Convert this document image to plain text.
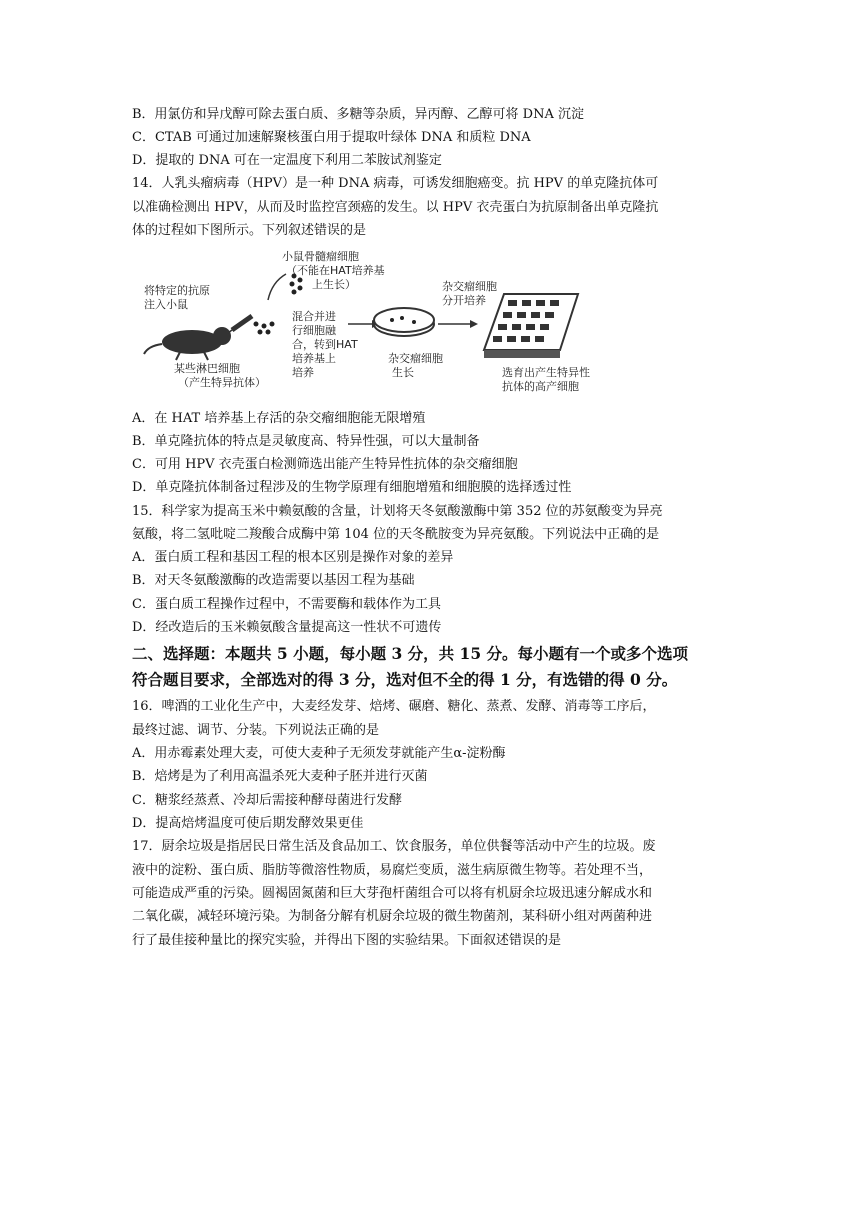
B．用氯仿和异戊醇可除去蛋白质、多糖等杂质，异丙醇、乙醇可将 DNA 沉淀
C．CTAB 可通过加速解聚核蛋白用于提取叶绿体 DNA 和质粒 DNA
D．提取的 DNA 可在一定温度下利用二苯胺试剂鉴定
14．人乳头瘤病毒（HPV）是一种 DNA 病毒，可诱发细胞癌变。抗 HPV 的单克隆抗体可
以准确检测出 HPV，从而及时监控宫颈癌的发生。以 HPV 衣壳蛋白为抗原制备出单克隆抗
体的过程如下图所示。下列叙述错误的是
小鼠骨髓瘤细胞
（不能在HAT培养基
上生长）
将特定的抗原
注入小鼠
混合并进
行细胞融
合，转到HAT
培养基上
培养
某些淋巴细胞
（产生特异抗体）
杂交瘤细胞
生长
杂交瘤细胞
分开培养
选育出产生特异性
抗体的高产细胞
A．在 HAT 培养基上存活的杂交瘤细胞能无限增殖
B．单克隆抗体的特点是灵敏度高、特异性强，可以大量制备
C．可用 HPV 衣壳蛋白检测筛选出能产生特异性抗体的杂交瘤细胞
D．单克隆抗体制备过程涉及的生物学原理有细胞增殖和细胞膜的选择透过性
15．科学家为提高玉米中赖氨酸的含量，计划将天冬氨酸激酶中第 352 位的苏氨酸变为异亮
氨酸，将二氢吡啶二羧酸合成酶中第 104 位的天冬酰胺变为异亮氨酸。下列说法中正确的是
A．蛋白质工程和基因工程的根本区别是操作对象的差异
B．对天冬氨酸激酶的改造需要以基因工程为基础
C．蛋白质工程操作过程中，不需要酶和载体作为工具
D．经改造后的玉米赖氨酸含量提高这一性状不可遗传
二、选择题：本题共 5 小题，每小题 3 分，共 15 分。每小题有一个或多个选项
符合题目要求，全部选对的得 3 分，选对但不全的得 1 分，有选错的得 0 分。
16．啤酒的工业化生产中，大麦经发芽、焙烤、碾磨、糖化、蒸煮、发酵、消毒等工序后，
最终过滤、调节、分装。下列说法正确的是
A．用赤霉素处理大麦，可使大麦种子无须发芽就能产生α-淀粉酶
B．焙烤是为了利用高温杀死大麦种子胚并进行灭菌
C．糖浆经蒸煮、冷却后需接种酵母菌进行发酵
D．提高焙烤温度可使后期发酵效果更佳
17．厨余垃圾是指居民日常生活及食品加工、饮食服务，单位供餐等活动中产生的垃圾。废
液中的淀粉、蛋白质、脂肪等微溶性物质，易腐烂变质，滋生病原微生物等。若处理不当，
可能造成严重的污染。圆褐固氮菌和巨大芽孢杆菌组合可以将有机厨余垃圾迅速分解成水和
二氧化碳，减轻环境污染。为制备分解有机厨余垃圾的微生物菌剂，某科研小组对两菌种进
行了最佳接种量比的探究实验，并得出下图的实验结果。下面叙述错误的是
